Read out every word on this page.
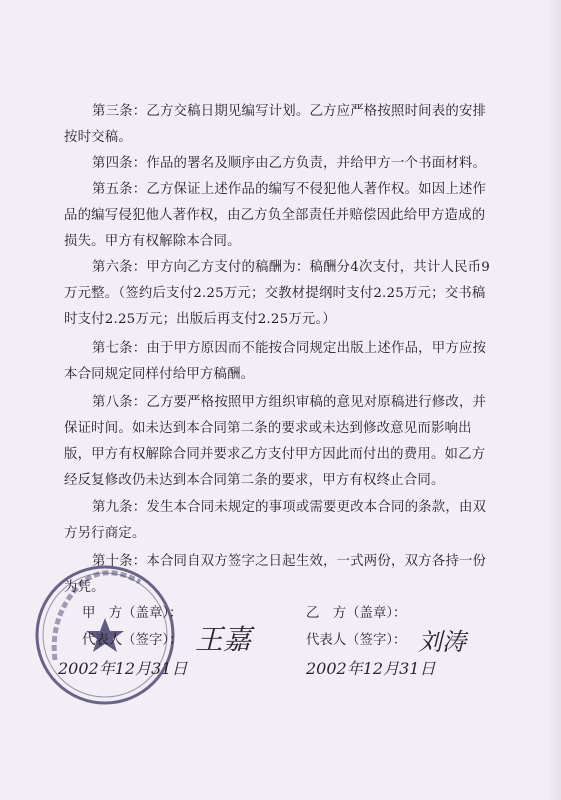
第三条：乙方交稿日期见编写计划。乙方应严格按照时间表的安排按时交稿。

第四条：作品的署名及顺序由乙方负责，并给甲方一个书面材料。

第五条：乙方保证上述作品的编写不侵犯他人著作权。如因上述作品的编写侵犯他人著作权，由乙方负全部责任并赔偿因此给甲方造成的损失。甲方有权解除本合同。

第六条：甲方向乙方支付的稿酬为：稿酬分4次支付，共计人民币9万元整。（签约后支付2.25万元；交教材提纲时支付2.25万元；交书稿时支付2.25万元；出版后再支付2.25万元。）

第七条：由于甲方原因而不能按合同规定出版上述作品，甲方应按本合同规定同样付给甲方稿酬。

第八条：乙方要严格按照甲方组织审稿的意见对原稿进行修改，并保证时间。如未达到本合同第二条的要求或未达到修改意见而影响出版，甲方有权解除合同并要求乙方支付甲方因此而付出的费用。如乙方经反复修改仍未达到本合同第二条的要求，甲方有权终止合同。

第九条：发生本合同未规定的事项或需要更改本合同的条款，由双方另行商定。

第十条：本合同自双方签字之日起生效，一式两份，双方各持一份为凭。

甲　方（盖章）：
代表人（签字）： 王嘉
2002年12月31日
乙　方（盖章）：
代表人（签字）： 刘涛
2002年12月31日
